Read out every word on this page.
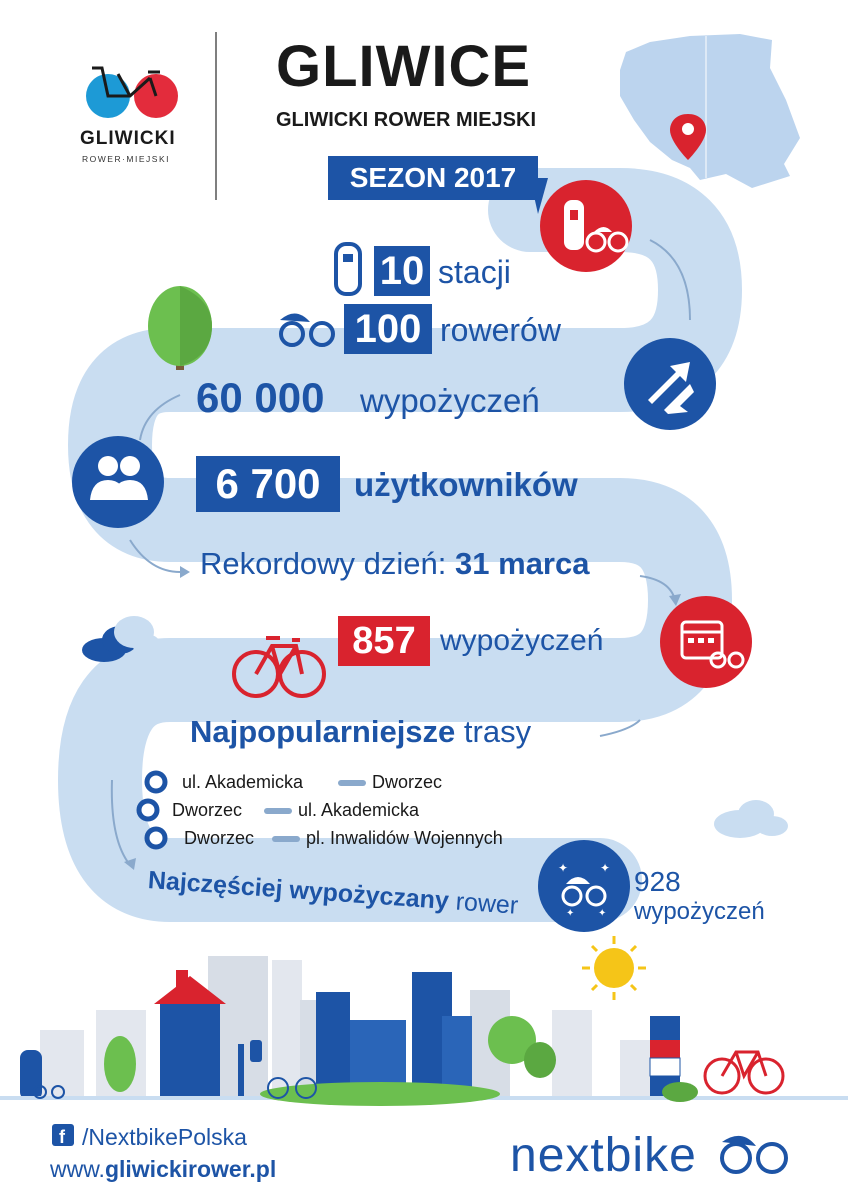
✦	✦
✦ ✦
f
GLIWICE
GLIWICKI ROWER MIEJSKI
SEZON 2017
GLIWICKI
ROWER·MIEJSKI
10 stacji
100 rowerów
60 000 wypożyczeń
6 700	użytkowników
Rekordowy dzień: 31 marca
857 wypożyczeń
Najpopularniejsze trasy
ul. Akademicka	Dworzec
Dworzec	ul. Akademicka
Dworzec	pl. Inwalidów Wojennych
Najczęściej wypożyczany rower
928
wypożyczeń
/NextbikePolska
www.gliwickirower.pl	nextbike
